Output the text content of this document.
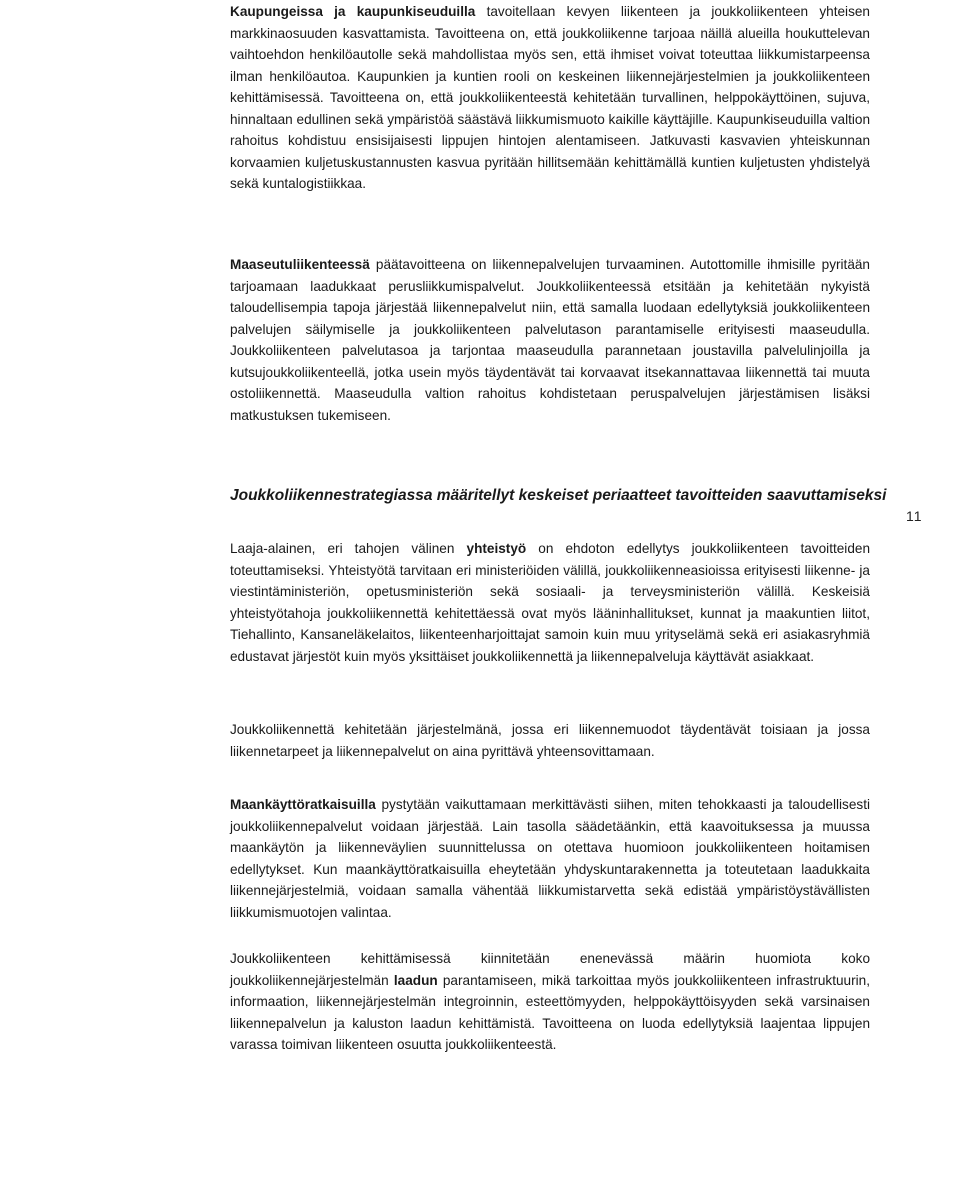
11

Kaupungeissa ja kaupunkiseuduilla tavoitellaan kevyen liikenteen ja joukkoliikenteen yhteisen markkinaosuuden kasvattamista. Tavoitteena on, että joukkoliikenne tarjoaa näillä alueilla houkuttelevan vaihtoehdon henkilöautolle sekä mahdollistaa myös sen, että ihmiset voivat toteuttaa liikkumistarpeensa ilman henkilöautoa. Kaupunkien ja kuntien rooli on keskeinen liikennejärjestelmien ja joukkoliikenteen kehittämisessä. Tavoitteena on, että joukkoliikenteestä kehitetään turvallinen, helppokäyttöinen, sujuva, hinnaltaan edullinen sekä ympäristöä säästävä liikkumismuoto kaikille käyttäjille. Kaupunkiseuduilla valtion rahoitus kohdistuu ensisijaisesti lippujen hintojen alentamiseen. Jatkuvasti kasvavien yhteiskunnan korvaamien kuljetuskustannusten kasvua pyritään hillitsemään kehittämällä kuntien kuljetusten yhdistelyä sekä kuntalogistiikkaa.

Maaseutuliikenteessä päätavoitteena on liikennepalvelujen turvaaminen. Autottomille ihmisille pyritään tarjoamaan laadukkaat perusliikkumispalvelut. Joukkoliikenteessä etsitään ja kehitetään nykyistä taloudellisempia tapoja järjestää liikennepalvelut niin, että samalla luodaan edellytyksiä joukkoliikenteen palvelujen säilymiselle ja joukkoliikenteen palvelutason parantamiselle erityisesti maaseudulla. Joukkoliikenteen palvelutasoa ja tarjontaa maaseudulla parannetaan joustavilla palvelulinjoilla ja kutsujoukkoliikenteellä, jotka usein myös täydentävät tai korvaavat itsekannattavaa liikennettä tai muuta ostoliikennettä. Maaseudulla valtion rahoitus kohdistetaan peruspalvelujen järjestämisen lisäksi matkustuksen tukemiseen.

Joukkoliikennestrategiassa määritellyt keskeiset periaatteet tavoitteiden saavuttamiseksi

Laaja-alainen, eri tahojen välinen yhteistyö on ehdoton edellytys joukkoliikenteen tavoitteiden toteuttamiseksi. Yhteistyötä tarvitaan eri ministeriöiden välillä, joukkoliikenneasioissa erityisesti liikenne- ja viestintäministeriön, opetusministeriön sekä sosiaali- ja terveysministeriön välillä. Keskeisiä yhteistyötahoja joukkoliikennettä kehitettäessä ovat myös lääninhallitukset, kunnat ja maakuntien liitot, Tiehallinto, Kansaneläkelaitos, liikenteenharjoittajat samoin kuin muu yrityselämä sekä eri asiakasryhmiä edustavat järjestöt kuin myös yksittäiset joukkoliikennettä ja liikennepalveluja käyttävät asiakkaat.

Joukkoliikennettä kehitetään järjestelmänä, jossa eri liikennemuodot täydentävät toisiaan ja jossa liikennetarpeet ja liikennepalvelut on aina pyrittävä yhteensovittamaan.

Maankäyttöratkaisuilla pystytään vaikuttamaan merkittävästi siihen, miten tehokkaasti ja taloudellisesti joukkoliikennepalvelut voidaan järjestää. Lain tasolla säädetäänkin, että kaavoituksessa ja muussa maankäytön ja liikenneväylien suunnittelussa on otettava huomioon joukkoliikenteen hoitamisen edellytykset. Kun maankäyttöratkaisuilla eheytetään yhdyskuntarakennetta ja toteutetaan laadukkaita liikennejärjestelmiä, voidaan samalla vähentää liikkumistarvetta sekä edistää ympäristöystävällisten liikkumismuotojen valintaa.

Joukkoliikenteen kehittämisessä kiinnitetään enenevässä määrin huomiota koko joukkoliikennejärjestelmän laadun parantamiseen, mikä tarkoittaa myös joukkoliikenteen infrastruktuurin, informaation, liikennejärjestelmän integroinnin, esteettömyyden, helppokäyttöisyyden sekä varsinaisen liikennepalvelun ja kaluston laadun kehittämistä. Tavoitteena on luoda edellytyksiä laajentaa lippujen varassa toimivan liikenteen osuutta joukkoliikenteestä.
